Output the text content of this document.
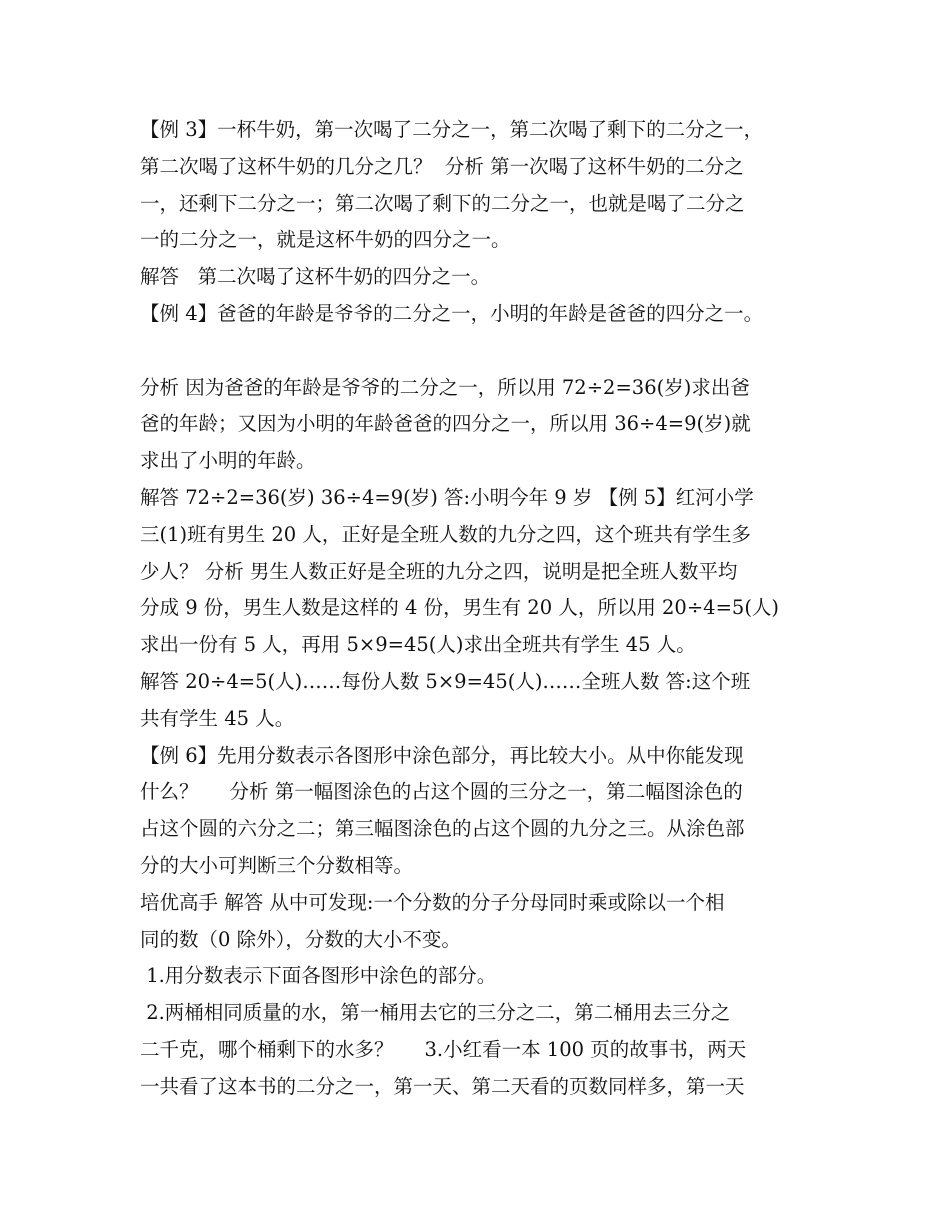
【例 3】一杯牛奶，第一次喝了二分之一，第二次喝了剩下的二分之一，
第二次喝了这杯牛奶的几分之几？  分析 第一次喝了这杯牛奶的二分之
一，还剩下二分之一；第二次喝了剩下的二分之一，也就是喝了二分之
一的二分之一，就是这杯牛奶的四分之一。
解答   第二次喝了这杯牛奶的四分之一。
【例 4】爸爸的年龄是爷爷的二分之一，小明的年龄是爸爸的四分之一。
分析 因为爸爸的年龄是爷爷的二分之一，所以用 72÷2=36(岁)求出爸
爸的年龄；又因为小明的年龄爸爸的四分之一，所以用 36÷4=9(岁)就
求出了小明的年龄。
解答 72÷2=36(岁) 36÷4=9(岁) 答:小明今年 9 岁 【例 5】红河小学
三(1)班有男生 20 人，正好是全班人数的九分之四，这个班共有学生多
少人？ 分析 男生人数正好是全班的九分之四，说明是把全班人数平均
分成 9 份，男生人数是这样的 4 份，男生有 20 人，所以用 20÷4=5(人)
求出一份有 5 人，再用 5×9=45(人)求出全班共有学生 45 人。
解答 20÷4=5(人)……每份人数 5×9=45(人)……全班人数 答:这个班
共有学生 45 人。
【例 6】先用分数表示各图形中涂色部分，再比较大小。从中你能发现
什么？     分析 第一幅图涂色的占这个圆的三分之一，第二幅图涂色的
占这个圆的六分之二；第三幅图涂色的占这个圆的九分之三。从涂色部
分的大小可判断三个分数相等。
培优高手 解答 从中可发现:一个分数的分子分母同时乘或除以一个相
同的数（0 除外），分数的大小不变。
1.用分数表示下面各图形中涂色的部分。
2.两桶相同质量的水，第一桶用去它的三分之二，第二桶用去三分之
二千克，哪个桶剩下的水多？     3.小红看一本 100 页的故事书，两天
一共看了这本书的二分之一，第一天、第二天看的页数同样多，第一天
